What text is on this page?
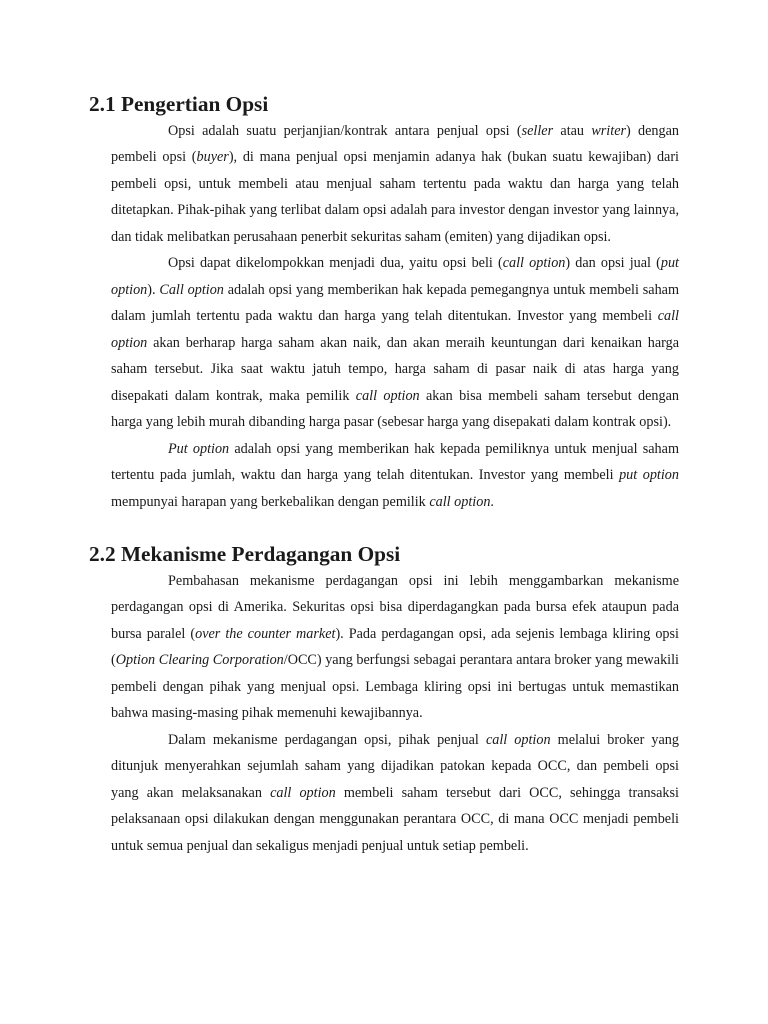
2.1 Pengertian Opsi

Opsi adalah suatu perjanjian/kontrak antara penjual opsi (seller atau writer) dengan pembeli opsi (buyer), di mana penjual opsi menjamin adanya hak (bukan suatu kewajiban) dari pembeli opsi, untuk membeli atau menjual saham tertentu pada waktu dan harga yang telah ditetapkan. Pihak-pihak yang terlibat dalam opsi adalah para investor dengan investor yang lainnya, dan tidak melibatkan perusahaan penerbit sekuritas saham (emiten) yang dijadikan opsi.

Opsi dapat dikelompokkan menjadi dua, yaitu opsi beli (call option) dan opsi jual (put option). Call option adalah opsi yang memberikan hak kepada pemegangnya untuk membeli saham dalam jumlah tertentu pada waktu dan harga yang telah ditentukan. Investor yang membeli call option akan berharap harga saham akan naik, dan akan meraih keuntungan dari kenaikan harga saham tersebut. Jika saat waktu jatuh tempo, harga saham di pasar naik di atas harga yang disepakati dalam kontrak, maka pemilik call option akan bisa membeli saham tersebut dengan harga yang lebih murah dibanding harga pasar (sebesar harga yang disepakati dalam kontrak opsi).

Put option adalah opsi yang memberikan hak kepada pemiliknya untuk menjual saham tertentu pada jumlah, waktu dan harga yang telah ditentukan. Investor yang membeli put option mempunyai harapan yang berkebalikan dengan pemilik call option.

2.2 Mekanisme Perdagangan Opsi

Pembahasan mekanisme perdagangan opsi ini lebih menggambarkan mekanisme perdagangan opsi di Amerika. Sekuritas opsi bisa diperdagangkan pada bursa efek ataupun pada bursa paralel (over the counter market). Pada perdagangan opsi, ada sejenis lembaga kliring opsi (Option Clearing Corporation/OCC) yang berfungsi sebagai perantara antara broker yang mewakili pembeli dengan pihak yang menjual opsi. Lembaga kliring opsi ini bertugas untuk memastikan bahwa masing-masing pihak memenuhi kewajibannya.

Dalam mekanisme perdagangan opsi, pihak penjual call option melalui broker yang ditunjuk menyerahkan sejumlah saham yang dijadikan patokan kepada OCC, dan pembeli opsi yang akan melaksanakan call option membeli saham tersebut dari OCC, sehingga transaksi pelaksanaan opsi dilakukan dengan menggunakan perantara OCC, di mana OCC menjadi pembeli untuk semua penjual dan sekaligus menjadi penjual untuk setiap pembeli.
